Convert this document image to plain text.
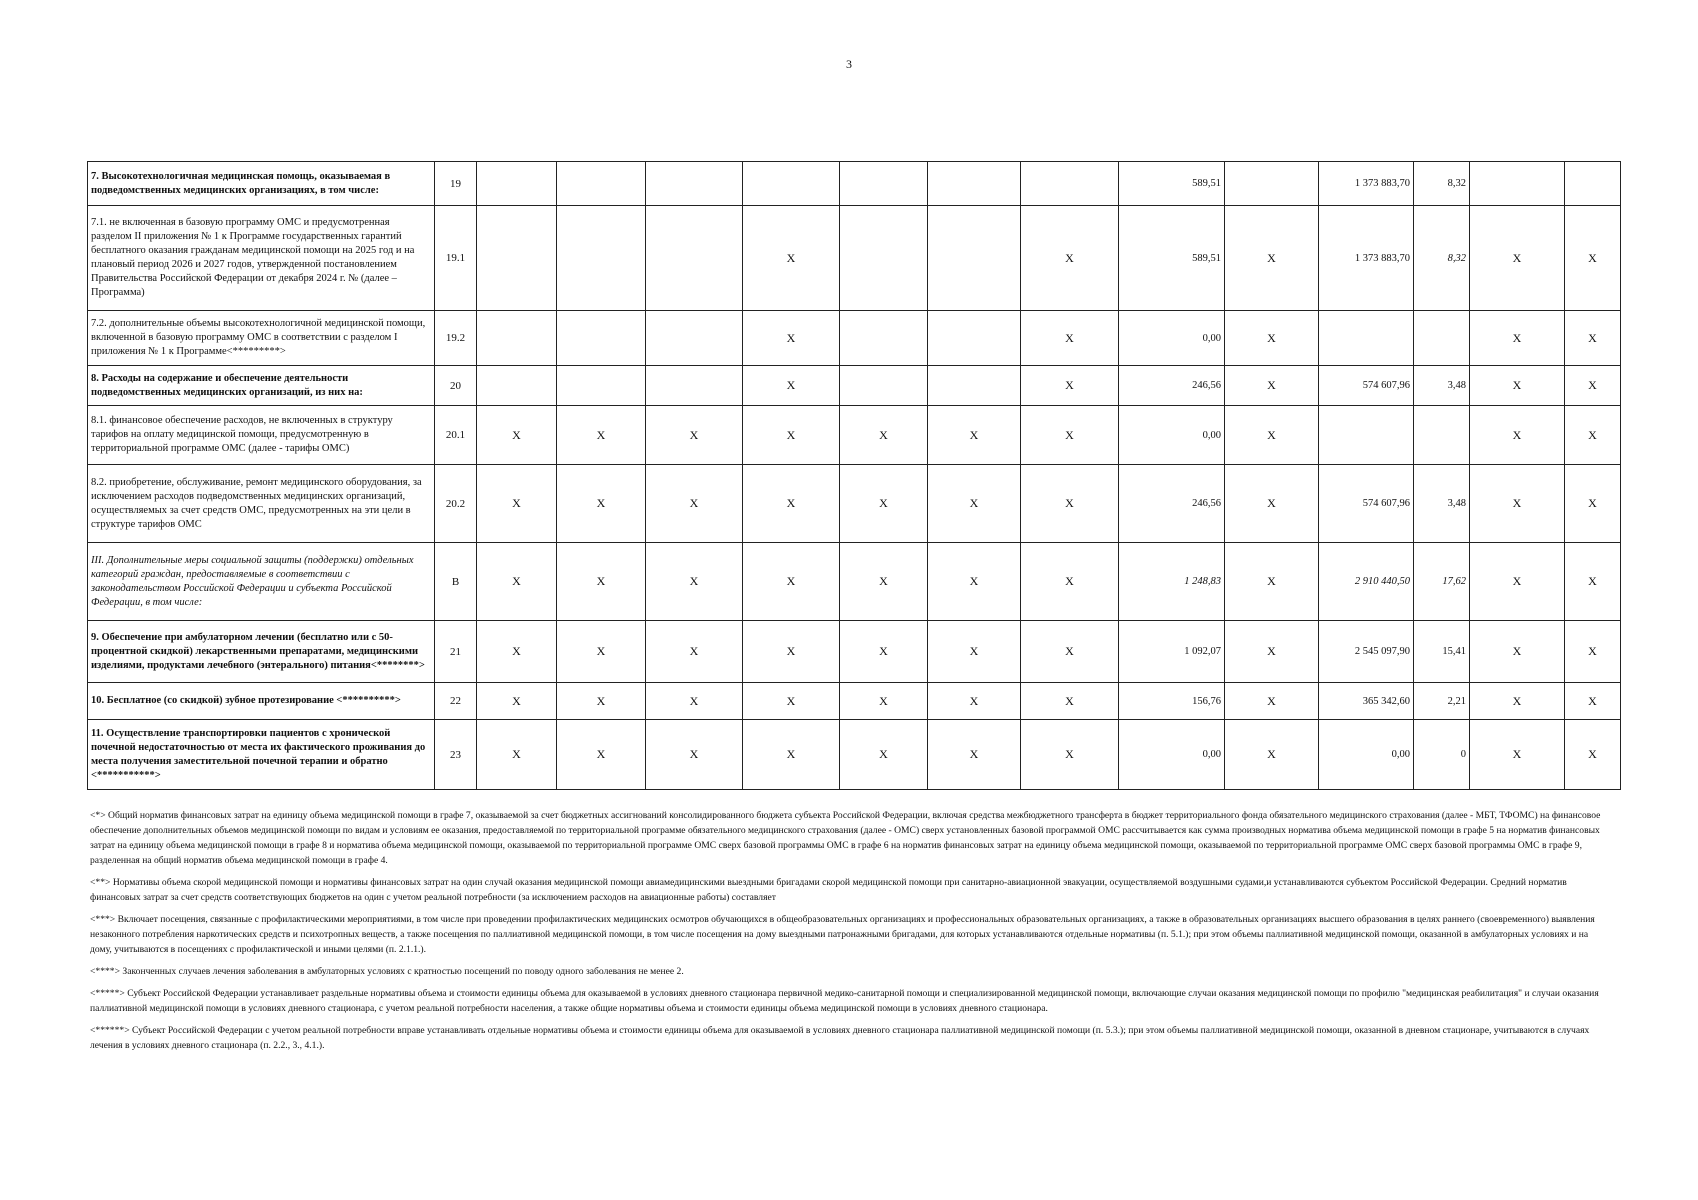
3
7. Высокотехнологичная медицинская помощь, оказываемая в подведомственных медицинских организациях, в том числе:	19								589,51		1 373 883,70	8,32		
7.1. не включенная в базовую программу ОМС и предусмотренная разделом II приложения № 1 к Программе государственных гарантий бесплатного оказания гражданам медицинской помощи на 2025 год и на плановый период 2026 и 2027 годов, утвержденной постановлением Правительства Российской Федерации от декабря 2024 г. № (далее – Программа)	19.1				X			X	589,51	X	1 373 883,70	8,32	X	X
7.2. дополнительные объемы высокотехнологичной медицинской помощи, включенной в базовую программу ОМС в соответствии с разделом I приложения № 1 к Программе<*********>	19.2				X			X	0,00	X			X	X
8. Расходы на содержание и обеспечение деятельности подведомственных медицинских организаций, из них на:	20				X			X	246,56	X	574 607,96	3,48	X	X
8.1. финансовое обеспечение расходов, не включенных в структуру тарифов на оплату медицинской помощи, предусмотренную в территориальной программе ОМС (далее - тарифы ОМС)	20.1	X	X	X	X	X	X	X	0,00	X			X	X
8.2. приобретение, обслуживание, ремонт медицинского оборудования, за исключением расходов подведомственных медицинских организаций, осуществляемых за счет средств ОМС, предусмотренных на эти цели в структуре тарифов ОМС	20.2	X	X	X	X	X	X	X	246,56	X	574 607,96	3,48	X	X
III. Дополнительные меры социальной защиты (поддержки) отдельных категорий граждан, предоставляемые в соответствии с законодательством Российской Федерации и субъекта Российской Федерации, в том числе:	В	X	X	X	X	X	X	X	1 248,83	X	2 910 440,50	17,62	X	X
9. Обеспечение при амбулаторном лечении (бесплатно или с 50-процентной скидкой) лекарственными препаратами, медицинскими изделиями, продуктами лечебного (энтерального) питания<********>	21	X	X	X	X	X	X	X	1 092,07	X	2 545 097,90	15,41	X	X
10. Бесплатное (со скидкой) зубное протезирование <**********>	22	X	X	X	X	X	X	X	156,76	X	365 342,60	2,21	X	X
11. Осуществление транспортировки пациентов с хронической почечной недостаточностью от места их фактического проживания до места получения заместительной почечной терапии и обратно <***********>	23	X	X	X	X	X	X	X	0,00	X	0,00	0	X	X

<*> Общий норматив финансовых затрат на единицу объема медицинской помощи в графе 7, оказываемой за счет бюджетных ассигнований консолидированного бюджета субъекта Российской Федерации, включая средства межбюджетного трансферта в бюджет территориального фонда обязательного медицинского страхования (далее - МБТ, ТФОМС) на финансовое обеспечение дополнительных объемов медицинской помощи по видам и условиям ее оказания, предоставляемой по территориальной программе обязательного медицинского страхования (далее - ОМС) сверх установленных базовой программой ОМС рассчитывается как сумма производных норматива объема медицинской помощи в графе 5 на норматив финансовых затрат на единицу объема медицинской помощи в графе 8 и норматива объема медицинской помощи, оказываемой по территориальной программе ОМС сверх базовой программы ОМС в графе 6 на норматив финансовых затрат на единицу объема медицинской помощи, оказываемой по территориальной программе ОМС сверх базовой программы ОМС в графе 9, разделенная на общий норматив объема медицинской помощи в графе 4.

<**> Нормативы объема скорой медицинской помощи и нормативы финансовых затрат на один случай оказания медицинской помощи авиамедицинскими выездными бригадами скорой медицинской помощи при санитарно-авиационной эвакуации, осуществляемой воздушными судами,и устанавливаются субъектом Российской Федерации. Средний норматив финансовых затрат за счет средств соответствующих бюджетов на один с учетом реальной потребности (за исключением расходов на авиационные работы) составляет

<***> Включает посещения, связанные с профилактическими мероприятиями, в том числе при проведении профилактических медицинских осмотров обучающихся в общеобразовательных организациях и профессиональных образовательных организациях, а также в образовательных организациях высшего образования в целях раннего (своевременного) выявления незаконного потребления наркотических средств и психотропных веществ, а также посещения по паллиативной медицинской помощи, в том числе посещения на дому выездными патронажными бригадами, для которых устанавливаются отдельные нормативы (п. 5.1.); при этом объемы паллиативной медицинской помощи, оказанной в амбулаторных условиях и на дому, учитываются в посещениях с профилактической и иными целями (п. 2.1.1.).

<****> Законченных случаев лечения заболевания в амбулаторных условиях с кратностью посещений по поводу одного заболевания не менее 2.

<*****> Субъект Российской Федерации устанавливает раздельные нормативы объема и стоимости единицы объема для оказываемой в условиях дневного стационара первичной медико-санитарной помощи и специализированной медицинской помощи, включающие случаи оказания медицинской помощи по профилю "медицинская реабилитация" и случаи оказания паллиативной медицинской помощи в условиях дневного стационара, с учетом реальной потребности населения, а также общие нормативы объема и стоимости единицы объема медицинской помощи в условиях дневного стационара.

<******> Субъект Российской Федерации с учетом реальной потребности вправе устанавливать отдельные нормативы объема и стоимости единицы объема для оказываемой в условиях дневного стационара паллиативной медицинской помощи (п. 5.3.); при этом объемы паллиативной медицинской помощи, оказанной в дневном стационаре, учитываются в случаях лечения в условиях дневного стационара (п. 2.2., 3., 4.1.).
